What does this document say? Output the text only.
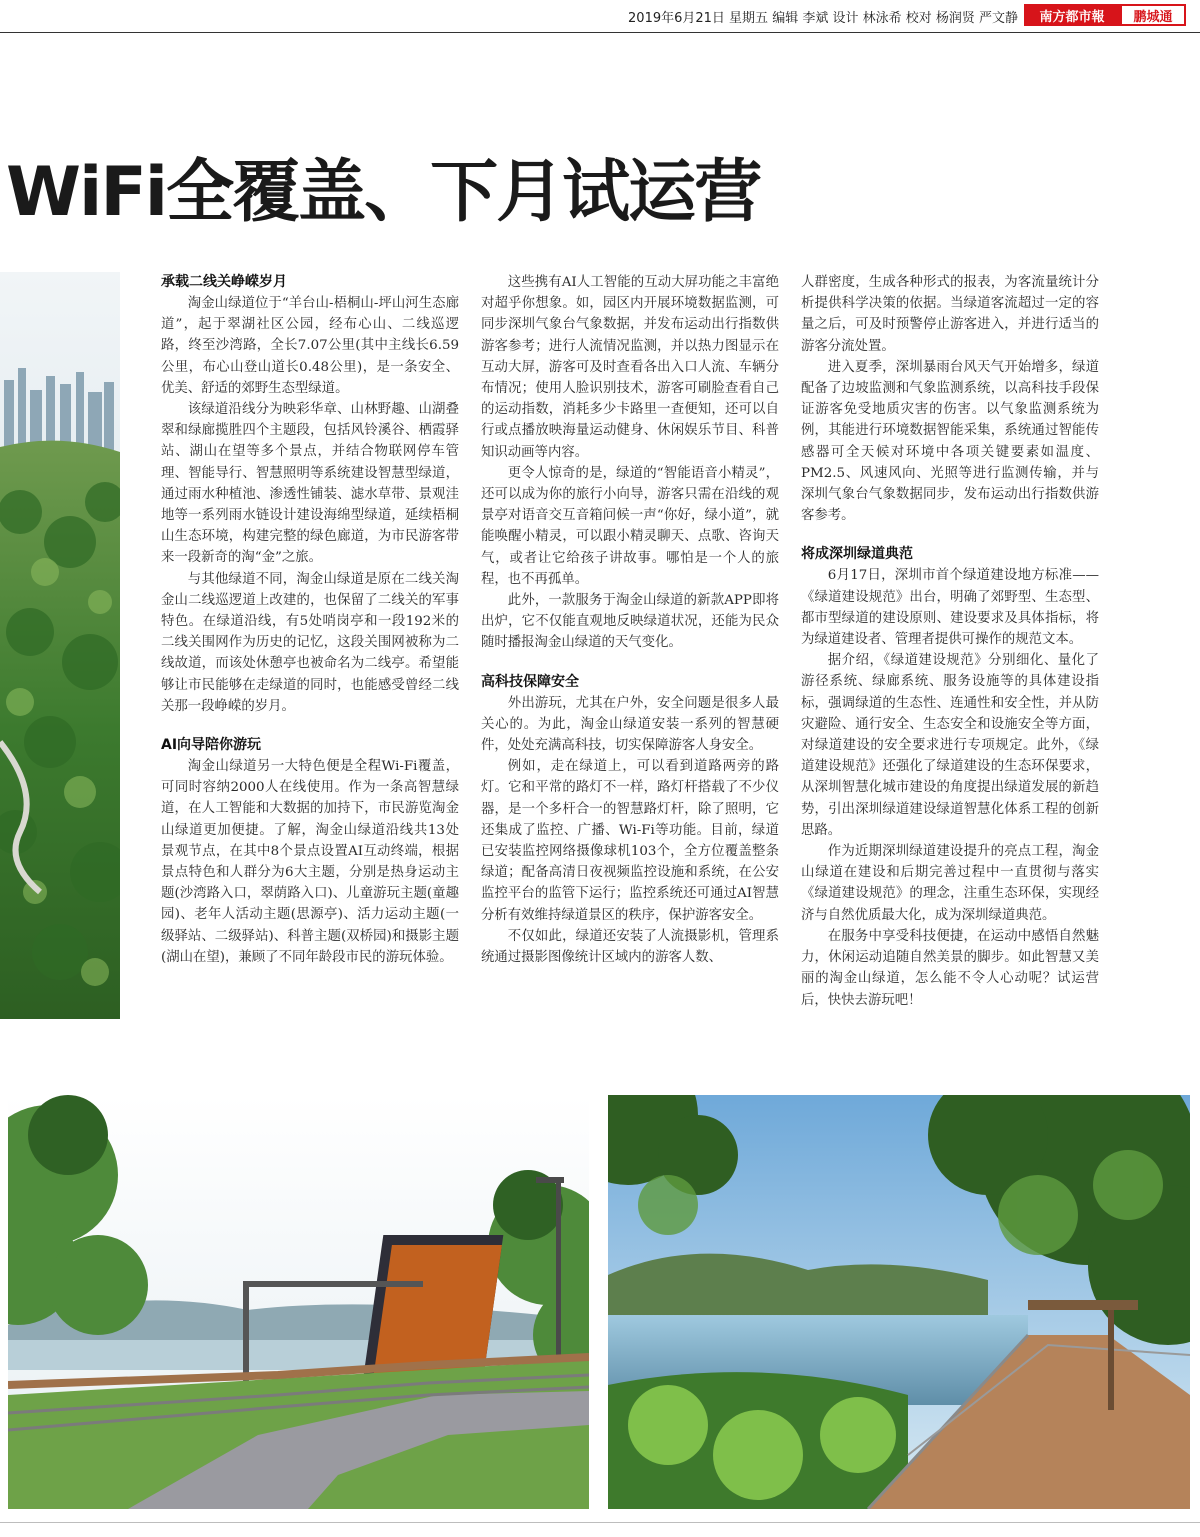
2019年6月21日 星期五 编辑 李斌 设计 林泳希 校对 杨润贤 严文静	南方都市報	鹏城通
WiFi全覆盖、下月试运营
承载二线关峥嵘岁月

淘金山绿道位于“羊台山-梧桐山-坪山河生态廊道”，起于翠湖社区公园，经布心山、二线巡逻路，终至沙湾路，全长7.07公里(其中主线长6.59公里，布心山登山道长0.48公里)，是一条安全、优美、舒适的郊野生态型绿道。

该绿道沿线分为映彩华章、山林野趣、山湖叠翠和绿廊揽胜四个主题段，包括风铃溪谷、栖霞驿站、湖山在望等多个景点，并结合物联网停车管理、智能导行、智慧照明等系统建设智慧型绿道，通过雨水种植池、渗透性铺装、滤水草带、景观洼地等一系列雨水链设计建设海绵型绿道，延续梧桐山生态环境，构建完整的绿色廊道，为市民游客带来一段新奇的淘“金”之旅。

与其他绿道不同，淘金山绿道是原在二线关淘金山二线巡逻道上改建的，也保留了二线关的军事特色。在绿道沿线，有5处哨岗亭和一段192米的二线关围网作为历史的记忆，这段关围网被称为二线故道，而该处休憩亭也被命名为二线亭。希望能够让市民能够在走绿道的同时，也能感受曾经二线关那一段峥嵘的岁月。

AI向导陪你游玩

淘金山绿道另一大特色便是全程Wi-Fi覆盖，可同时容纳2000人在线使用。作为一条高智慧绿道，在人工智能和大数据的加持下，市民游览淘金山绿道更加便捷。了解，淘金山绿道沿线共13处景观节点，在其中8个景点设置AI互动终端，根据景点特色和人群分为6大主题，分别是热身运动主题(沙湾路入口，翠荫路入口)、儿童游玩主题(童趣园)、老年人活动主题(思源亭)、活力运动主题(一级驿站、二级驿站)、科普主题(双桥园)和摄影主题(湖山在望)，兼顾了不同年龄段市民的游玩体验。

这些携有AI人工智能的互动大屏功能之丰富绝对超乎你想象。如，园区内开展环境数据监测，可同步深圳气象台气象数据，并发布运动出行指数供游客参考；进行人流情况监测，并以热力图显示在互动大屏，游客可及时查看各出入口人流、车辆分布情况；使用人脸识别技术，游客可刷脸查看自己的运动指数，消耗多少卡路里一查便知，还可以自行或点播放映海量运动健身、休闲娱乐节目、科普知识动画等内容。

更令人惊奇的是，绿道的“智能语音小精灵”，还可以成为你的旅行小向导，游客只需在沿线的观景亭对语音交互音箱问候一声“你好，绿小道”，就能唤醒小精灵，可以跟小精灵聊天、点歌、咨询天气，或者让它给孩子讲故事。哪怕是一个人的旅程，也不再孤单。

此外，一款服务于淘金山绿道的新款APP即将出炉，它不仅能直观地反映绿道状况，还能为民众随时播报淘金山绿道的天气变化。

高科技保障安全

外出游玩，尤其在户外，安全问题是很多人最关心的。为此，淘金山绿道安装一系列的智慧硬件，处处充满高科技，切实保障游客人身安全。

例如，走在绿道上，可以看到道路两旁的路灯。它和平常的路灯不一样，路灯杆搭载了不少仪器，是一个多杆合一的智慧路灯杆，除了照明，它还集成了监控、广播、Wi-Fi等功能。目前，绿道已安装监控网络摄像球机103个，全方位覆盖整条绿道；配备高清日夜视频监控设施和系统，在公安监控平台的监管下运行；监控系统还可通过AI智慧分析有效维持绿道景区的秩序，保护游客安全。

不仅如此，绿道还安装了人流摄影机，管理系统通过摄影图像统计区域内的游客人数、

人群密度，生成各种形式的报表，为客流量统计分析提供科学决策的依据。当绿道客流超过一定的容量之后，可及时预警停止游客进入，并进行适当的游客分流处置。

进入夏季，深圳暴雨台风天气开始增多，绿道配备了边坡监测和气象监测系统，以高科技手段保证游客免受地质灾害的伤害。以气象监测系统为例，其能进行环境数据智能采集，系统通过智能传感器可全天候对环境中各项关键要素如温度、PM2.5、风速风向、光照等进行监测传输，并与深圳气象台气象数据同步，发布运动出行指数供游客参考。

将成深圳绿道典范

6月17日，深圳市首个绿道建设地方标准——《绿道建设规范》出台，明确了郊野型、生态型、都市型绿道的建设原则、建设要求及具体指标，将为绿道建设者、管理者提供可操作的规范文本。

据介绍，《绿道建设规范》分别细化、量化了游径系统、绿廊系统、服务设施等的具体建设指标，强调绿道的生态性、连通性和安全性，并从防灾避险、通行安全、生态安全和设施安全等方面，对绿道建设的安全要求进行专项规定。此外，《绿道建设规范》还强化了绿道建设的生态环保要求，从深圳智慧化城市建设的角度提出绿道发展的新趋势，引出深圳绿道建设绿道智慧化体系工程的创新思路。

作为近期深圳绿道建设提升的亮点工程，淘金山绿道在建设和后期完善过程中一直贯彻与落实《绿道建设规范》的理念，注重生态环保，实现经济与自然优质最大化，成为深圳绿道典范。

在服务中享受科技便捷，在运动中感悟自然魅力，休闲运动追随自然美景的脚步。如此智慧又美丽的淘金山绿道，怎么能不令人心动呢？试运营后，快快去游玩吧！
